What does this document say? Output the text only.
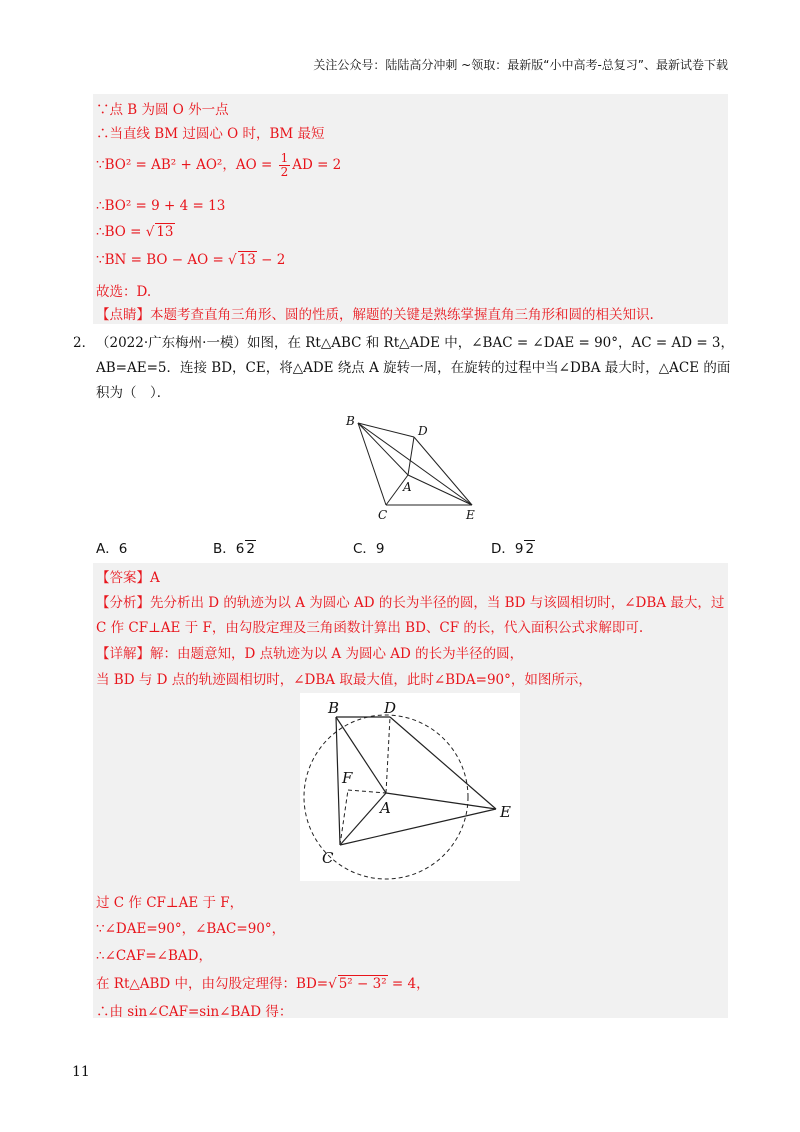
关注公众号：陆陆高分冲刺 ~领取：最新版“小中高考-总复习”、最新试卷下载
∵点 B 为圆 O 外一点
∴当直线 BM 过圆心 O 时，BM 最短
∵BO² = AB² + AO²，AO = $\frac{1}{2}$ AD = 2
∴BO² = 9 + 4 = 13
∴BO = √ 13
∵BN = BO − AO = √ 13 − 2
故选：D.
【点睛】本题考查直角三角形、圆的性质，解题的关键是熟练掌握直角三角形和圆的相关知识.
2． （2022·广东梅州·一模）如图，在 Rt△ABC 和 Rt△ADE 中，∠BAC = ∠DAE = 90°，AC = AD = 3，
AB=AE=5．连接 BD，CE，将△ADE 绕点 A 旋转一周，在旋转的过程中当∠DBA 最大时，△ACE 的面
积为（　）．
B
D
A
C	E
A．6	B．6 2	C．9	D．9 2
【答案】A
【分析】先分析出 D 的轨迹为以 A 为圆心 AD 的长为半径的圆，当 BD 与该圆相切时，∠DBA 最大，过
C 作 CF⊥AE 于 F，由勾股定理及三角函数计算出 BD、CF 的长，代入面积公式求解即可.
【详解】解：由题意知，D 点轨迹为以 A 为圆心 AD 的长为半径的圆，
当 BD 与 D 点的轨迹圆相切时，∠DBA 取最大值，此时∠BDA=90°，如图所示，
B	D
F
A
C
E
过 C 作 CF⊥AE 于 F，
∵∠DAE=90°，∠BAC=90°，
∴∠CAF=∠BAD，
在 Rt△ABD 中，由勾股定理得：BD=√ 5² − 3² = 4，
∴由 sin∠CAF=sin∠BAD 得：
11
